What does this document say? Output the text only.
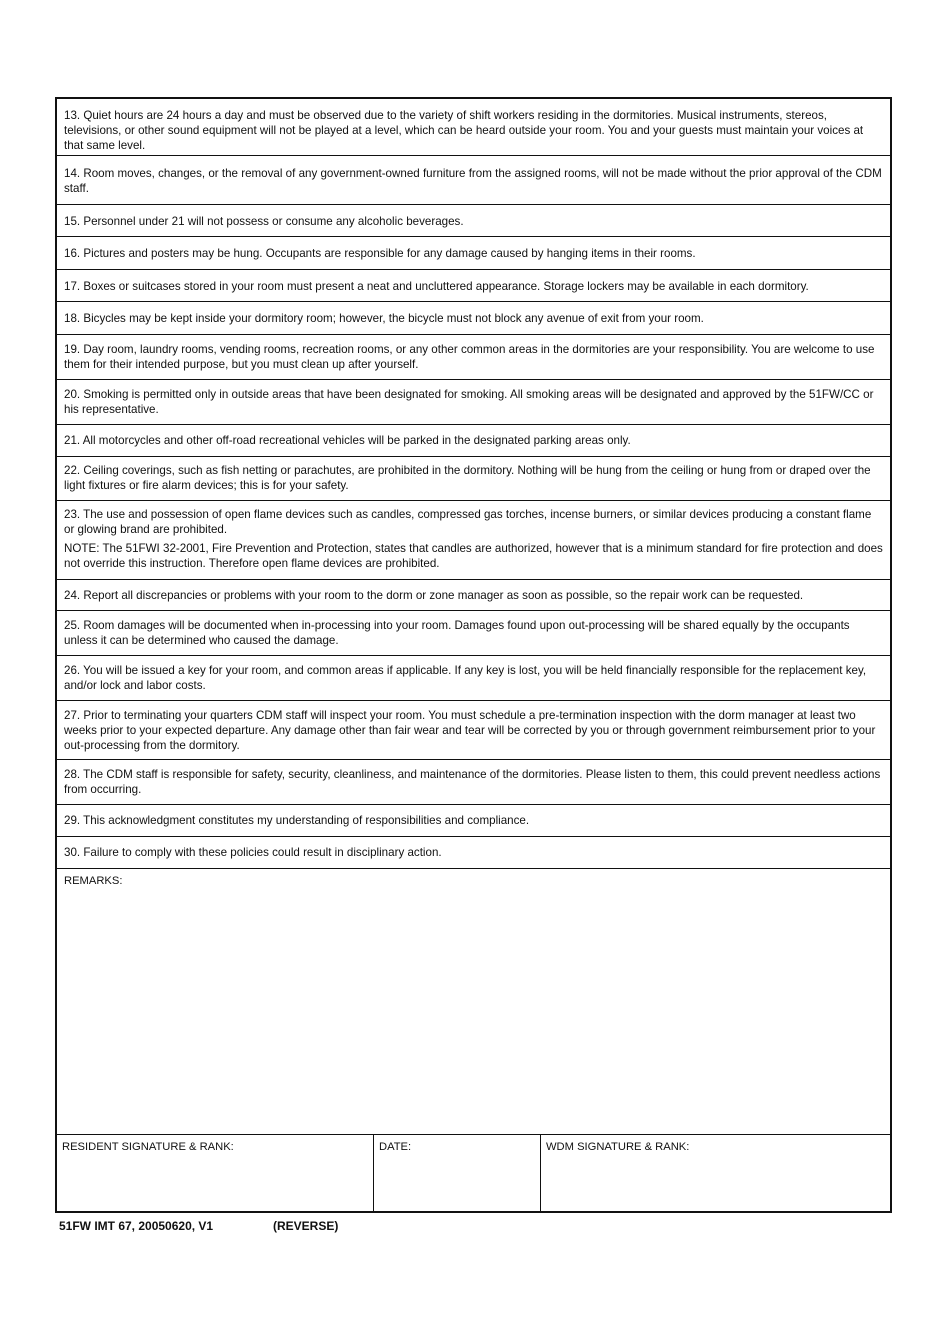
13. Quiet hours are 24 hours a day and must be observed due to the variety of shift workers residing in the dormitories. Musical instruments, stereos, televisions, or other sound equipment will not be played at a level, which can be heard outside your room. You and your guests must maintain your voices at that same level.
14. Room moves, changes, or the removal of any government-owned furniture from the assigned rooms, will not be made without the prior approval of the CDM staff.
15. Personnel under 21 will not possess or consume any alcoholic beverages.
16. Pictures and posters may be hung. Occupants are responsible for any damage caused by hanging items in their rooms.
17. Boxes or suitcases stored in your room must present a neat and uncluttered appearance. Storage lockers may be available in each dormitory.
18. Bicycles may be kept inside your dormitory room; however, the bicycle must not block any avenue of exit from your room.
19. Day room, laundry rooms, vending rooms, recreation rooms, or any other common areas in the dormitories are your responsibility. You are welcome to use them for their intended purpose, but you must clean up after yourself.
20. Smoking is permitted only in outside areas that have been designated for smoking. All smoking areas will be designated and approved by the 51FW/CC or his representative.
21. All motorcycles and other off-road recreational vehicles will be parked in the designated parking areas only.
22. Ceiling coverings, such as fish netting or parachutes, are prohibited in the dormitory. Nothing will be hung from the ceiling or hung from or draped over the light fixtures or fire alarm devices; this is for your safety.

23. The use and possession of open flame devices such as candles, compressed gas torches, incense burners, or similar devices producing a constant flame or glowing brand are prohibited.

NOTE: The 51FWI 32-2001, Fire Prevention and Protection, states that candles are authorized, however that is a minimum standard for fire protection and does not override this instruction. Therefore open flame devices are prohibited.

24. Report all discrepancies or problems with your room to the dorm or zone manager as soon as possible, so the repair work can be requested.
25. Room damages will be documented when in-processing into your room. Damages found upon out-processing will be shared equally by the occupants unless it can be determined who caused the damage.
26. You will be issued a key for your room, and common areas if applicable. If any key is lost, you will be held financially responsible for the replacement key, and/or lock and labor costs.
27. Prior to terminating your quarters CDM staff will inspect your room. You must schedule a pre-termination inspection with the dorm manager at least two weeks prior to your expected departure. Any damage other than fair wear and tear will be corrected by you or through government reimbursement prior to your out-processing from the dormitory.
28. The CDM staff is responsible for safety, security, cleanliness, and maintenance of the dormitories. Please listen to them, this could prevent needless actions from occurring.
29. This acknowledgment constitutes my understanding of responsibilities and compliance.
30. Failure to comply with these policies could result in disciplinary action.
REMARKS:
RESIDENT SIGNATURE & RANK:	DATE:	WDM SIGNATURE & RANK:
51FW IMT 67, 20050620, V1	(REVERSE)
